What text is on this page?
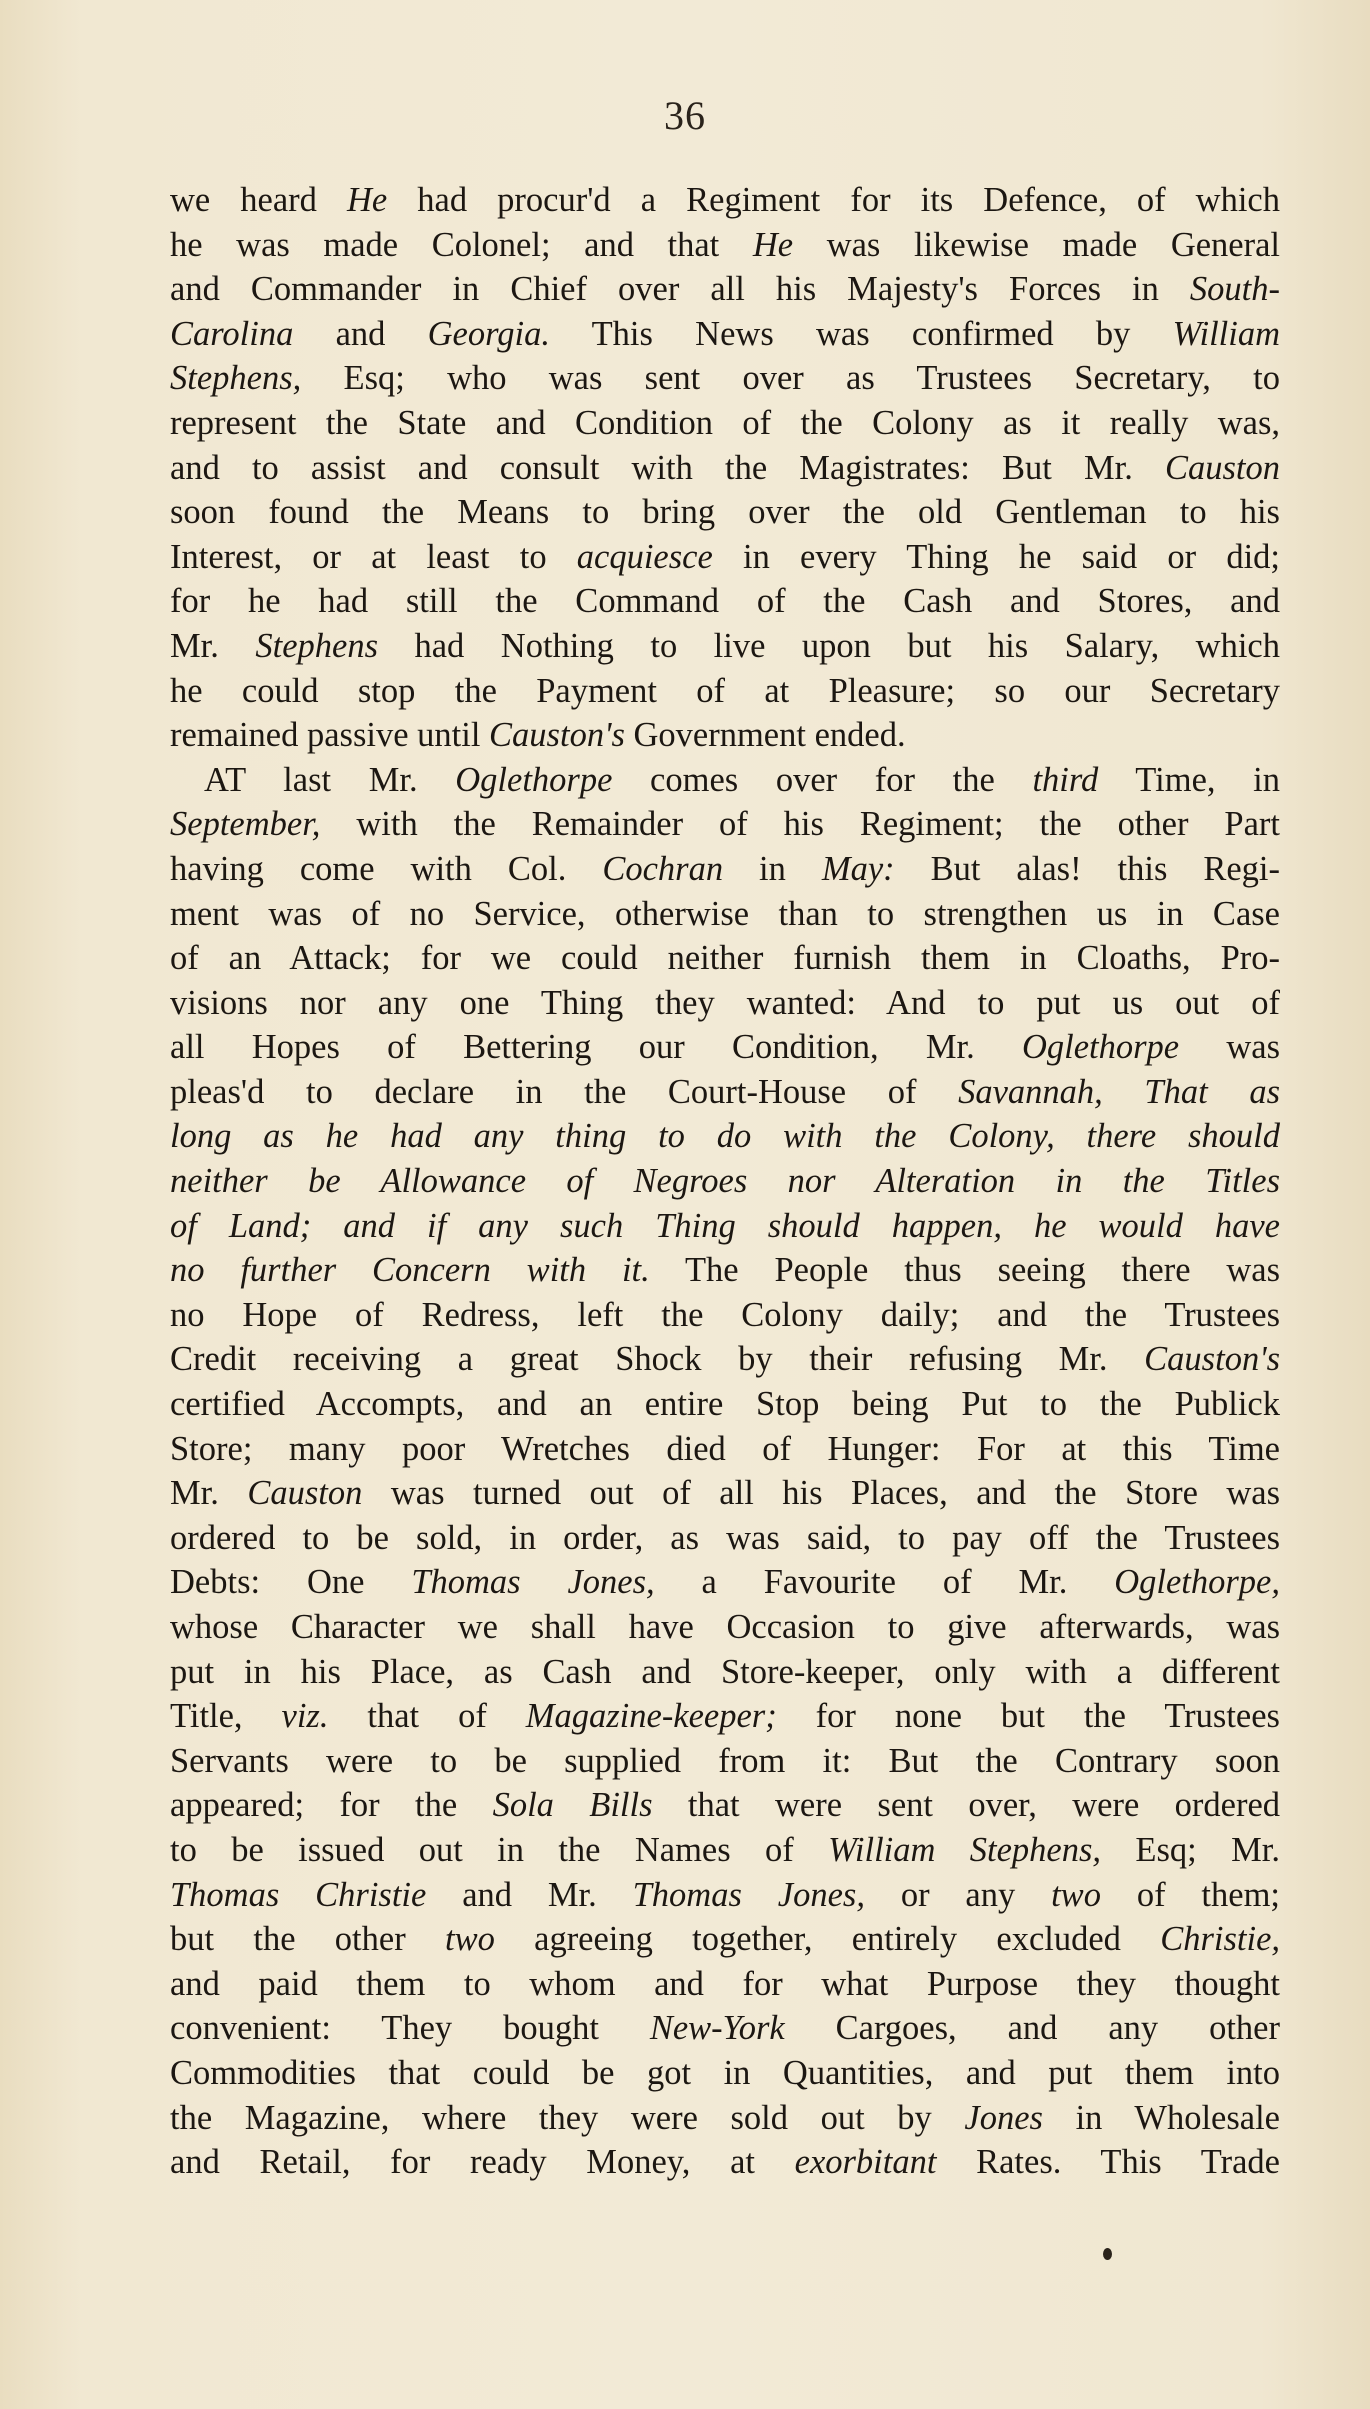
36
we heard He had procur'd a Regiment for its Defence, of which
he was made Colonel; and that He was likewise made General
and Commander in Chief over all his Majesty's Forces in South-
Carolina and Georgia. This News was confirmed by William
Stephens, Esq; who was sent over as Trustees Secretary, to
represent the State and Condition of the Colony as it really was,
and to assist and consult with the Magistrates: But Mr. Causton
soon found the Means to bring over the old Gentleman to his
Interest, or at least to acquiesce in every Thing he said or did;
for he had still the Command of the Cash and Stores, and
Mr. Stephens had Nothing to live upon but his Salary, which
he could stop the Payment of at Pleasure; so our Secretary
remained passive until Causton's Government ended.
AT last Mr. Oglethorpe comes over for the third Time, in
September, with the Remainder of his Regiment; the other Part
having come with Col. Cochran in May: But alas! this Regi-
ment was of no Service, otherwise than to strengthen us in Case
of an Attack; for we could neither furnish them in Cloaths, Pro-
visions nor any one Thing they wanted: And to put us out of
all Hopes of Bettering our Condition, Mr. Oglethorpe was
pleas'd to declare in the Court-House of Savannah, That as
long as he had any thing to do with the Colony, there should
neither be Allowance of Negroes nor Alteration in the Titles
of Land; and if any such Thing should happen, he would have
no further Concern with it. The People thus seeing there was
no Hope of Redress, left the Colony daily; and the Trustees
Credit receiving a great Shock by their refusing Mr. Causton's
certified Accompts, and an entire Stop being Put to the Publick
Store; many poor Wretches died of Hunger: For at this Time
Mr. Causton was turned out of all his Places, and the Store was
ordered to be sold, in order, as was said, to pay off the Trustees
Debts: One Thomas Jones, a Favourite of Mr. Oglethorpe,
whose Character we shall have Occasion to give afterwards, was
put in his Place, as Cash and Store-keeper, only with a different
Title, viz. that of Magazine-keeper; for none but the Trustees
Servants were to be supplied from it: But the Contrary soon
appeared; for the Sola Bills that were sent over, were ordered
to be issued out in the Names of William Stephens, Esq; Mr.
Thomas Christie and Mr. Thomas Jones, or any two of them;
but the other two agreeing together, entirely excluded Christie,
and paid them to whom and for what Purpose they thought
convenient: They bought New-York Cargoes, and any other
Commodities that could be got in Quantities, and put them into
the Magazine, where they were sold out by Jones in Wholesale
and Retail, for ready Money, at exorbitant Rates. This Trade
